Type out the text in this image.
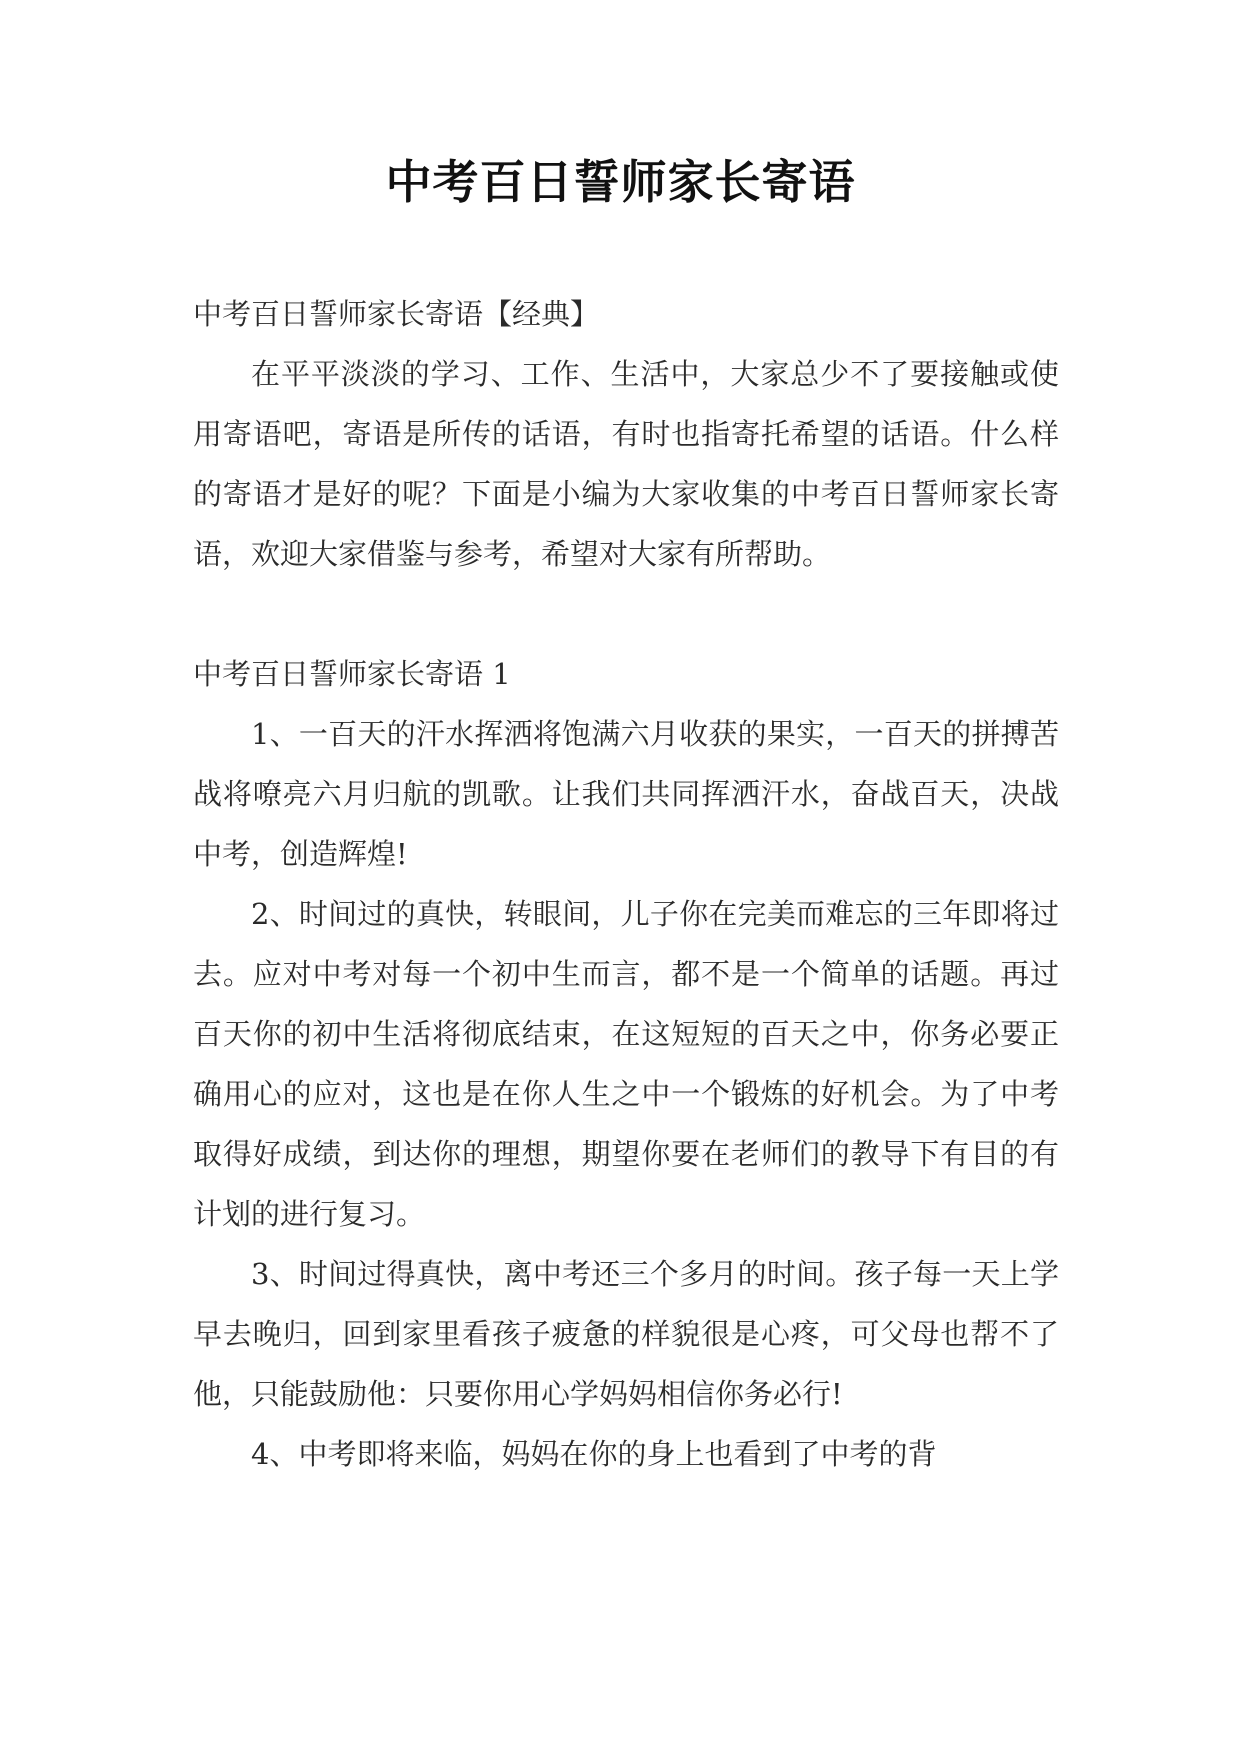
中考百日誓师家长寄语

中考百日誓师家长寄语【经典】

在平平淡淡的学习、工作、生活中，大家总少不了要接触或使用寄语吧，寄语是所传的话语，有时也指寄托希望的话语。什么样的寄语才是好的呢？下面是小编为大家收集的中考百日誓师家长寄语，欢迎大家借鉴与参考，希望对大家有所帮助。

中考百日誓师家长寄语 1

1、一百天的汗水挥洒将饱满六月收获的果实，一百天的拼搏苦战将嘹亮六月归航的凯歌。让我们共同挥洒汗水，奋战百天，决战中考，创造辉煌!

2、时间过的真快，转眼间，儿子你在完美而难忘的三年即将过去。应对中考对每一个初中生而言，都不是一个简单的话题。再过百天你的初中生活将彻底结束，在这短短的百天之中，你务必要正确用心的应对，这也是在你人生之中一个锻炼的好机会。为了中考取得好成绩，到达你的理想，期望你要在老师们的教导下有目的有计划的进行复习。

3、时间过得真快，离中考还三个多月的时间。孩子每一天上学早去晚归，回到家里看孩子疲惫的样貌很是心疼，可父母也帮不了他，只能鼓励他：只要你用心学妈妈相信你务必行!

4、中考即将来临，妈妈在你的身上也看到了中考的背
